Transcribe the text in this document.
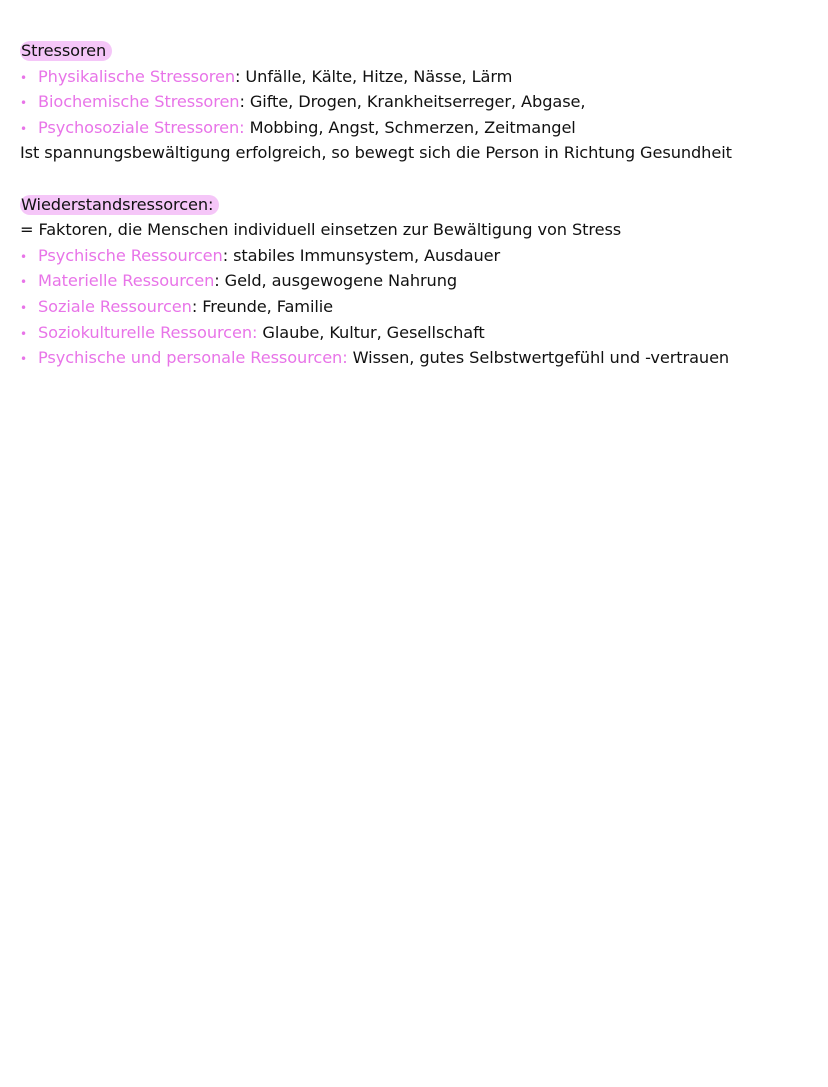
Stressoren
• Physikalische Stressoren: Unfälle, Kälte, Hitze, Nässe, Lärm
• Biochemische Stressoren: Gifte, Drogen, Krankheitserreger, Abgase,
• Psychosoziale Stressoren: Mobbing, Angst, Schmerzen, Zeitmangel
Ist spannungsbewältigung erfolgreich, so bewegt sich die Person in Richtung Gesundheit
Wiederstandsressorcen:
= Faktoren, die Menschen individuell einsetzen zur Bewältigung von Stress
• Psychische Ressourcen: stabiles Immunsystem, Ausdauer
• Materielle Ressourcen: Geld, ausgewogene Nahrung
• Soziale Ressourcen: Freunde, Familie
• Soziokulturelle Ressourcen: Glaube, Kultur, Gesellschaft
• Psychische und personale Ressourcen: Wissen, gutes Selbstwertgefühl und -vertrauen
